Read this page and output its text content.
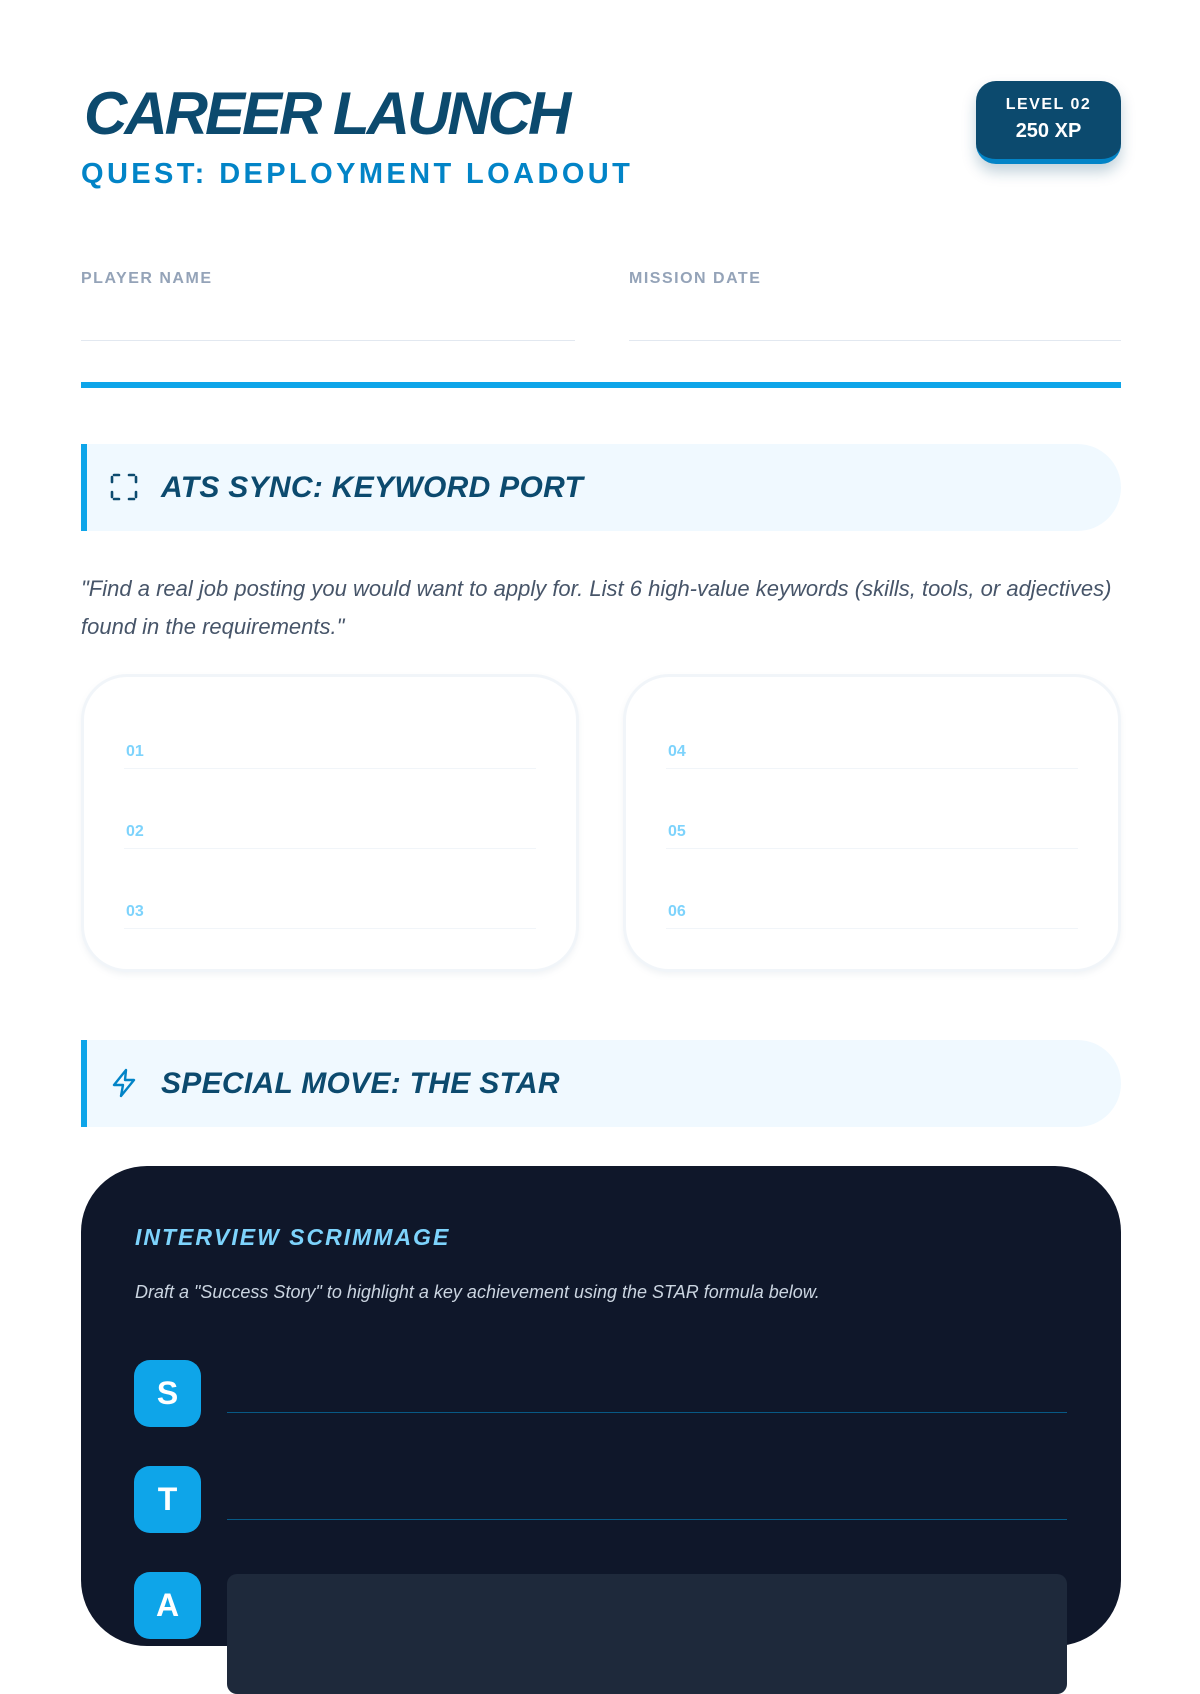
CAREER LAUNCH
QUEST: DEPLOYMENT LOADOUT
LEVEL 02
250 XP
PLAYER NAME	MISSION DATE
ATS SYNC: KEYWORD PORT
"Find a real job posting you would want to apply for. List 6 high-value keywords (skills, tools, or adjectives) found in the requirements."
01
02
03
04
05
06
SPECIAL MOVE: THE STAR
INTERVIEW SCRIMMAGE
Draft a "Success Story" to highlight a key achievement using the STAR formula below.
S
T
A
